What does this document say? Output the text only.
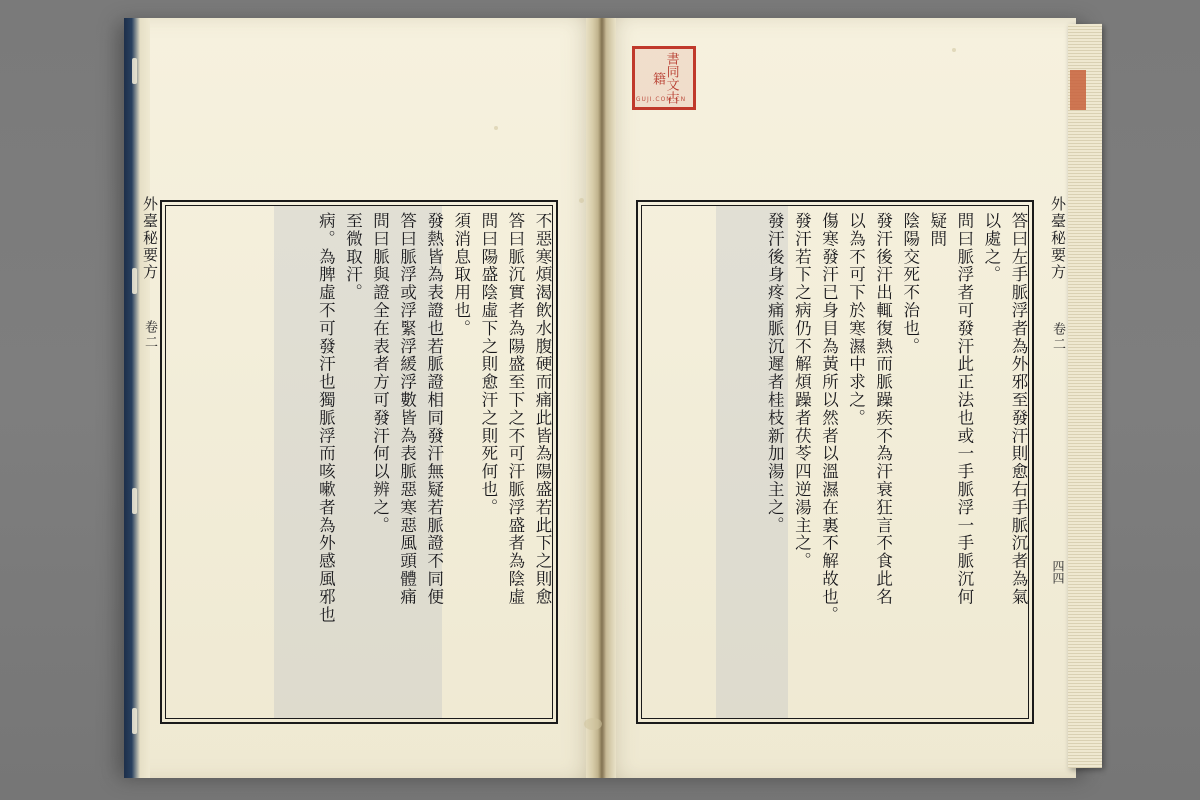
書同文古籍
GUJI.COM.CN
病。為脾虛不可發汗也獨脈浮而咳嗽者為外感風邪也 至微取汗。 問曰脈與證全在表者方可發汗何以辨之。 答曰脈浮或浮緊浮緩浮數皆為表脈惡寒惡風頭體痛 發熱皆為表證也若脈證相同發汗無疑若脈證不同便 須消息取用也。 問曰陽盛陰虛下之則愈汗之則死何也。 答曰脈沉實者為陽盛至下之不可汗脈浮盛者為陰虛 不惡寒煩渴飲水腹硬而痛此皆為陽盛若此下之則愈	發汗後身疼痛脈沉遲者桂枝新加湯主之。 發汗若下之病仍不解煩躁者茯苓四逆湯主之。 傷寒發汗已身目為黃所以然者以溫濕在裏不解故也。 以為不可下於寒濕中求之。 發汗後汗出輒復熱而脈躁疾不為汗衰狂言不食此名 陰陽交死不治也。 疑問 問曰脈浮者可發汗此正法也或一手脈浮一手脈沉何 以處之。 答曰左手脈浮者為外邪至發汗則愈右手脈沉者為氣
外臺秘要方
卷二
外臺秘要方
卷二
四四
